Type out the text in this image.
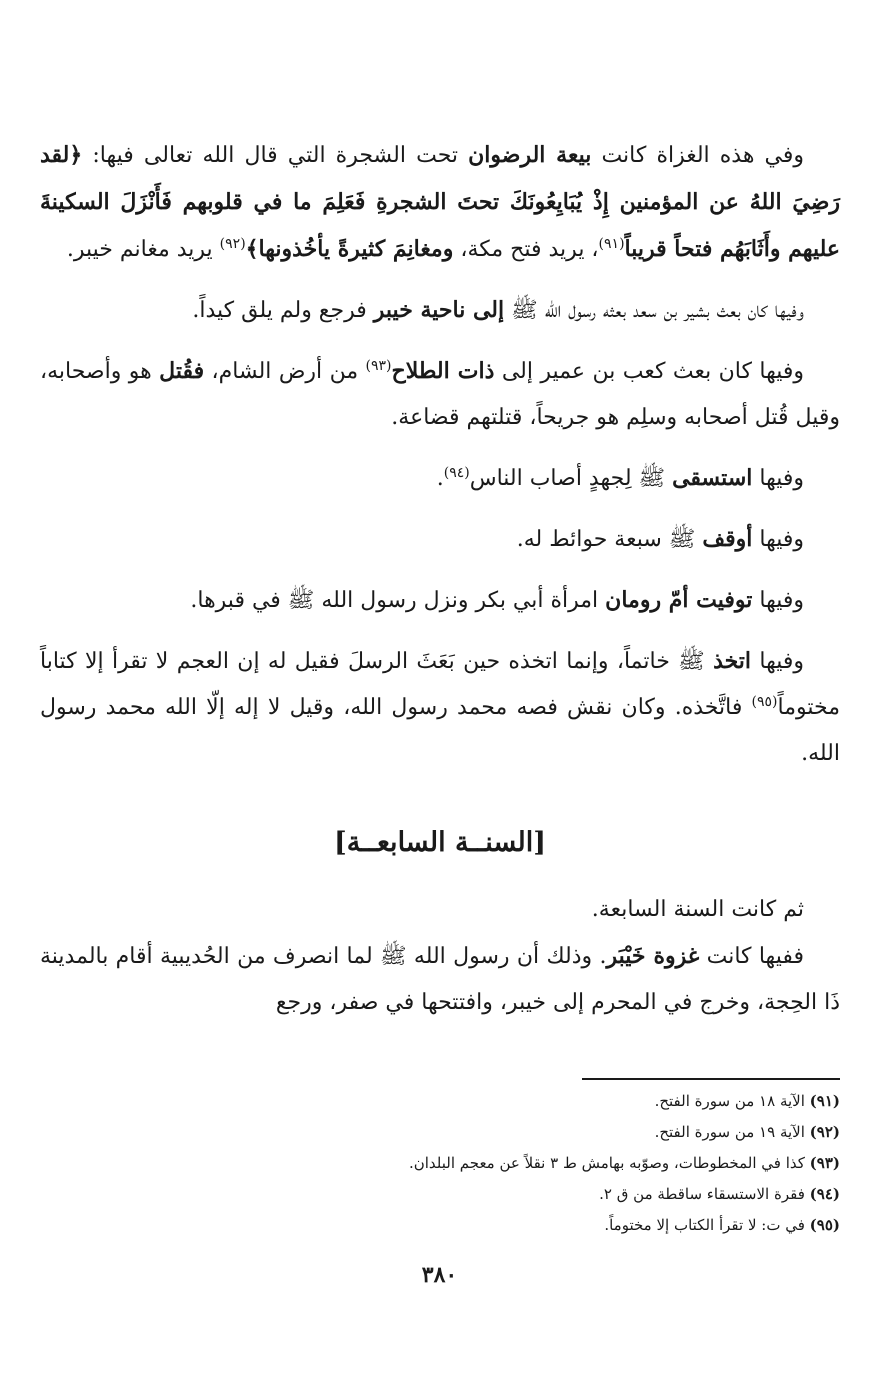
وفي هذه الغزاة كانت بيعة الرضوان تحت الشجرة التي قال الله تعالى فيها: ﴿لقد رَضِيَ اللهُ عن المؤمنين إِذْ يُبَايِعُونَكَ تحتَ الشجرةِ فَعَلِمَ ما في قلوبهم فَأَنْزَلَ السكينةَ عليهم وأَثَابَهُم فتحاً قريباً$^{(٩١)}$، يريد فتح مكة، ومغانِمَ كثيرةً يأخُذونها﴾$^{(٩٢)}$ يريد مغانم خيبر.

وفيها كان بعث بشير بن سعد بعثه رسول الله ﷺ إلى ناحية خيبر فرجع ولم يلق كيداً.

وفيها كان بعث كعب بن عمير إلى ذات الطلاح$^{(٩٣)}$ من أرض الشام، فقُتل هو وأصحابه، وقيل قُتل أصحابه وسلِم هو جريحاً، قتلتهم قضاعة.

وفيها استسقى ﷺ لِجهدٍ أصاب الناس$^{(٩٤)}$.

وفيها أوقف ﷺ سبعة حوائط له.

وفيها توفيت أمّ رومان امرأة أبي بكر ونزل رسول الله ﷺ في قبرها.

وفيها اتخذ ﷺ خاتماً، وإنما اتخذه حين بَعَثَ الرسلَ فقيل له إن العجم لا تقرأ إلا كتاباً مختوماً$^{(٩٥)}$ فاتَّخذه. وكان نقش فصه محمد رسول الله، وقيل لا إله إلّا الله محمد رسول الله.

[السنــة السابعــة]

ثم كانت السنة السابعة.

ففيها كانت غزوة خَيْبَر. وذلك أن رسول الله ﷺ لما انصرف من الحُديبية أقام بالمدينة ذَا الحِجة، وخرج في المحرم إلى خيبر، وافتتحها في صفر، ورجع

(٩١) الآية ١٨ من سورة الفتح.
(٩٢) الآية ١٩ من سورة الفتح.
(٩٣) كذا في المخطوطات، وصوّبه بهامش ط ٣ نقلاً عن معجم البلدان.
(٩٤) فقرة الاستسقاء ساقطة من ق ٢.
(٩٥) في ت: لا تقرأ الكتاب إلا مختوماً.
٣٨٠
